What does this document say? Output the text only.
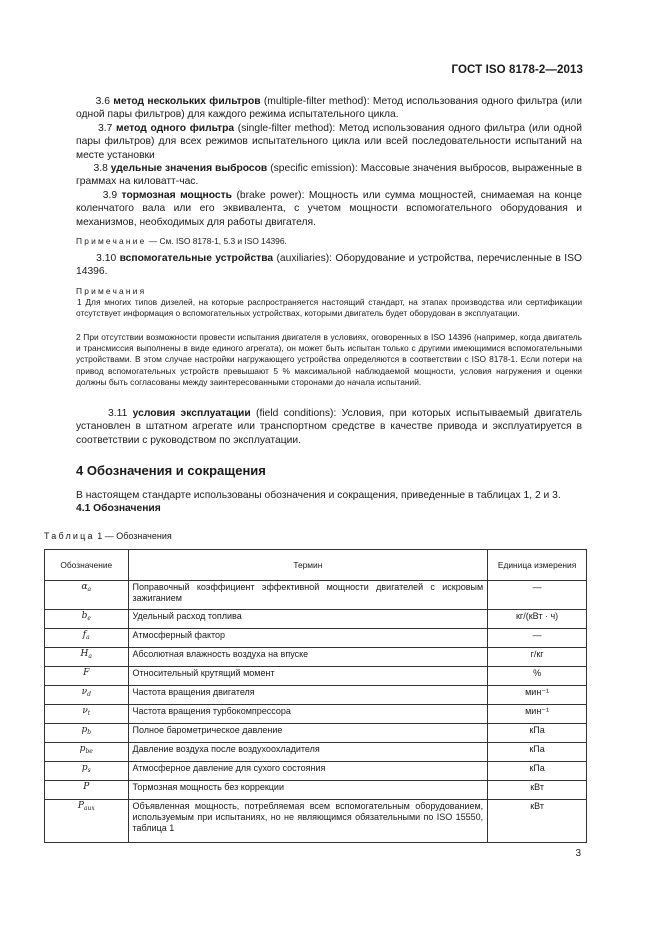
ГОСТ ISO 8178-2—2013

3.6 метод нескольких фильтров (multiple-filter method): Метод использования одного фильтра (или одной пары фильтров) для каждого режима испытательного цикла.

3.7 метод одного фильтра (single-filter method): Метод использования одного фильтра (или одной пары фильтров) для всех режимов испытательного цикла или всей последовательности испытаний на месте установки

3.8 удельные значения выбросов (specific emission): Массовые значения выбросов, выраженные в граммах на киловатт-час.

3.9 тормозная мощность (brake power): Мощность или сумма мощностей, снимаемая на конце коленчатого вала или его эквивалента, с учетом мощности вспомогательного оборудования и механизмов, необходимых для работы двигателя.

Примечание — См. ISO 8178-1, 5.3 и ISO 14396.

3.10 вспомогательные устройства (auxiliaries): Оборудование и устройства, перечисленные в ISO 14396.

Примечания

1 Для многих типов дизелей, на которые распространяется настоящий стандарт, на этапах производства или сертификации отсутствует информация о вспомогательных устройствах, которыми двигатель будет оборудован в эксплуатации.

2 При отсутствии возможности провести испытания двигателя в условиях, оговоренных в ISO 14396 (например, когда двигатель и трансмиссия выполнены в виде единого агрегата), он может быть испытан только с другими имеющимися вспомогательными устройствами. В этом случае настройки нагружающего устройства определяются в соответствии с ISO 8178-1. Если потери на привод вспомогательных устройств превышают 5 % максимальной наблюдаемой мощности, условия нагружения и оценки должны быть согласованы между заинтересованными сторонами до начала испытаний.

3.11 условия эксплуатации (field conditions): Условия, при которых испытываемый двигатель установлен в штатном агрегате или транспортном средстве в качестве привода и эксплуатируется в соответствии с руководством по эксплуатации.

4 Обозначения и сокращения

В настоящем стандарте использованы обозначения и сокращения, приведенные в таблицах 1, 2 и 3.

4.1 Обозначения

Таблица 1 — Обозначения

Обозначение	Термин	Единица измерения
$\alpha_a$	Поправочный коэффициент эффективной мощности двигателей с искровым зажиганием	—
$b_e$	Удельный расход топлива	кг/(кВт · ч)
$f_a$	Атмосферный фактор	—
$H_a$	Абсолютная влажность воздуха на впуске	г/кг
F	Относительный крутящий момент	%
$\nu_d$	Частота вращения двигателя	мин⁻¹
$\nu_t$	Частота вращения турбокомпрессора	мин⁻¹
$p_b$	Полное барометрическое давление	кПа
$p_{be}$	Давление воздуха после воздухоохладителя	кПа
$p_s$	Атмосферное давление для сухого состояния	кПа
P	Тормозная мощность без коррекции	кВт
$P_{aux}$	Объявленная мощность, потребляемая всем вспомогательным оборудованием, используемым при испытаниях, но не являющимся обязательными по ISO 15550, таблица 1	кВт
3
